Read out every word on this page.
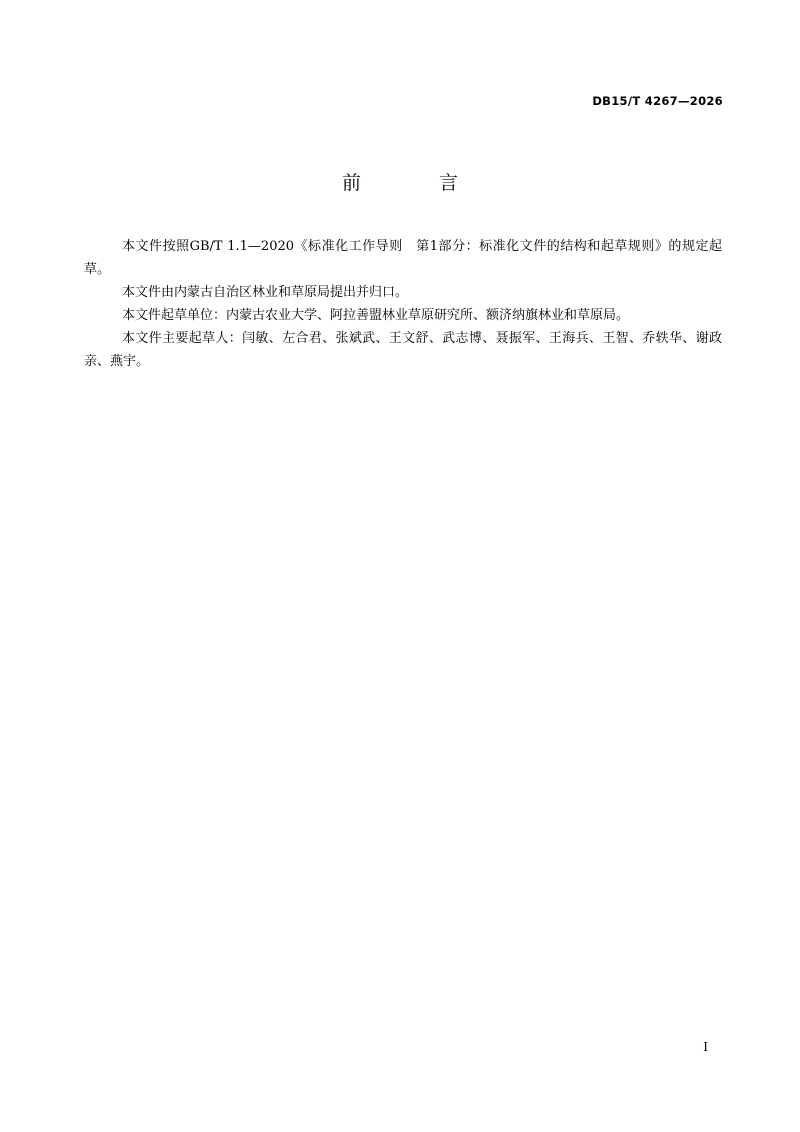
DB15/T 4267—2026
前 言

本文件按照GB/T 1.1—2020《标准化工作导则　第1部分：标准化文件的结构和起草规则》的规定起草。

本文件由内蒙古自治区林业和草原局提出并归口。

本文件起草单位：内蒙古农业大学、阿拉善盟林业草原研究所、额济纳旗林业和草原局。

本文件主要起草人：闫敏、左合君、张斌武、王文舒、武志博、聂振军、王海兵、王智、乔轶华、谢政亲、燕宇。

I
